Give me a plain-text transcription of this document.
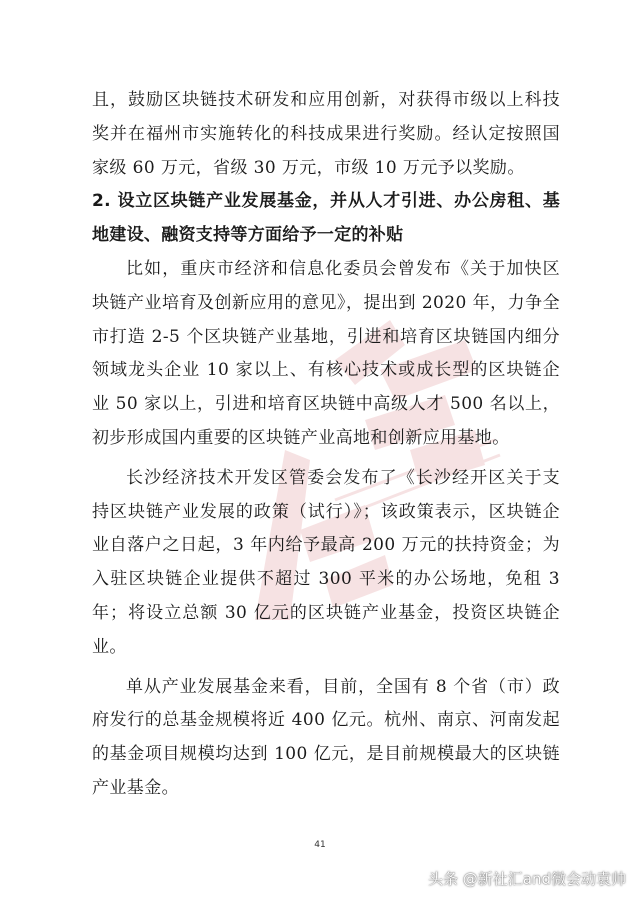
且，鼓励区块链技术研发和应用创新，对获得市级以上科技奖并在福州市实施转化的科技成果进行奖励。经认定按照国家级 60 万元，省级 30 万元，市级 10 万元予以奖励。

2. 设立区块链产业发展基金，并从人才引进、办公房租、基地建设、融资支持等方面给予一定的补贴

比如，重庆市经济和信息化委员会曾发布《关于加快区块链产业培育及创新应用的意见》，提出到 2020 年，力争全市打造 2-5 个区块链产业基地，引进和培育区块链国内细分领域龙头企业 10 家以上、有核心技术或成长型的区块链企业 50 家以上，引进和培育区块链中高级人才 500 名以上，初步形成国内重要的区块链产业高地和创新应用基地。

长沙经济技术开发区管委会发布了《长沙经开区关于支持区块链产业发展的政策（试行）》；该政策表示，区块链企业自落户之日起，3 年内给予最高 200 万元的扶持资金；为入驻区块链企业提供不超过 300 平米的办公场地，免租 3 年；将设立总额 30 亿元的区块链产业基金，投资区块链企业。

单从产业发展基金来看，目前，全国有 8 个省（市）政府发行的总基金规模将近 400 亿元。杭州、南京、河南发起的基金项目规模均达到 100 亿元，是目前规模最大的区块链产业基金。

41
头条 @新社汇and微会动袁帅
